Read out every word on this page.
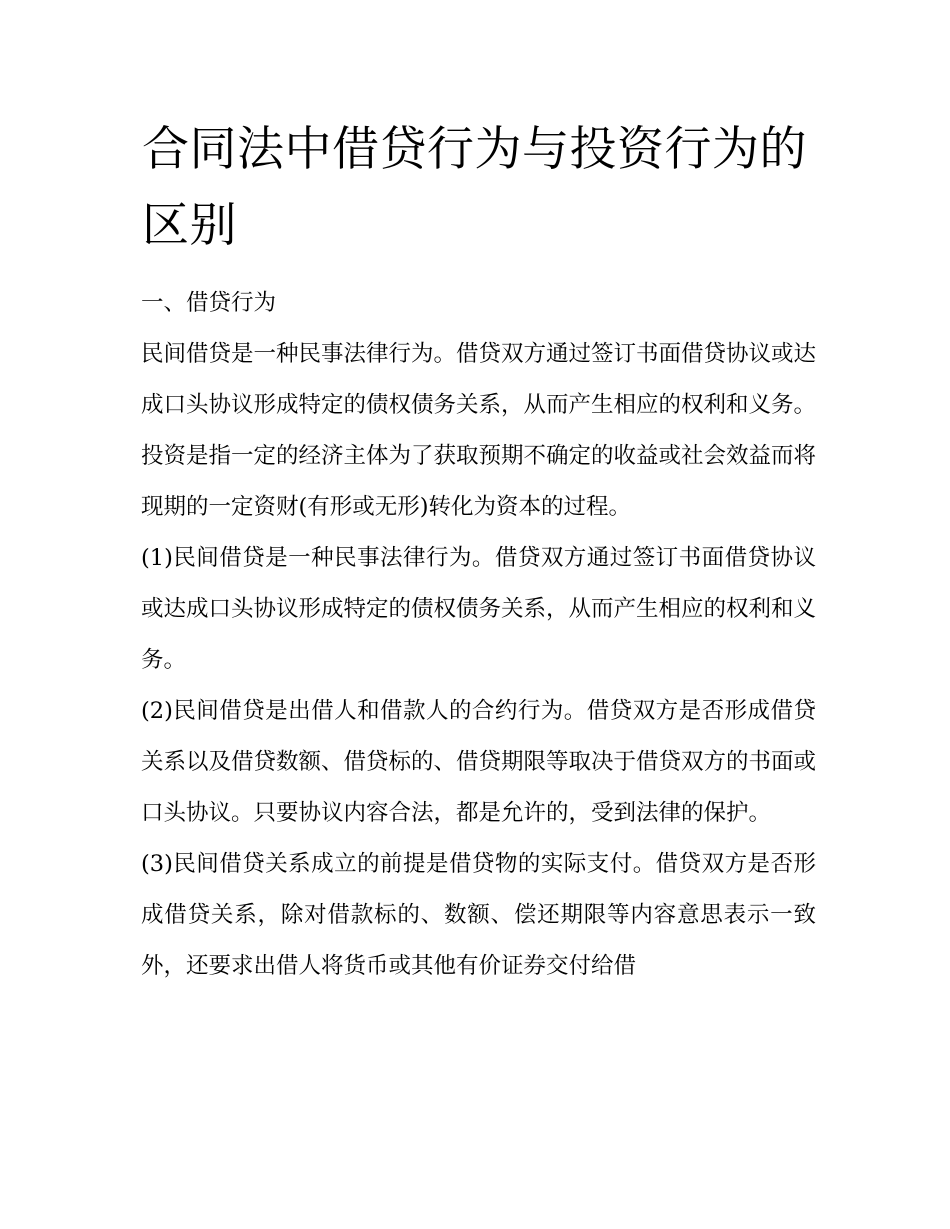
合同法中借贷行为与投资行为的区别

一、借贷行为

民间借贷是一种民事法律行为。借贷双方通过签订书面借贷协议或达成口头协议形成特定的债权债务关系，从而产生相应的权利和义务。投资是指一定的经济主体为了获取预期不确定的收益或社会效益而将现期的一定资财(有形或无形)转化为资本的过程。

(1)民间借贷是一种民事法律行为。借贷双方通过签订书面借贷协议或达成口头协议形成特定的债权债务关系，从而产生相应的权利和义务。

(2)民间借贷是出借人和借款人的合约行为。借贷双方是否形成借贷关系以及借贷数额、借贷标的、借贷期限等取决于借贷双方的书面或口头协议。只要协议内容合法，都是允许的，受到法律的保护。

(3)民间借贷关系成立的前提是借贷物的实际支付。借贷双方是否形成借贷关系，除对借款标的、数额、偿还期限等内容意思表示一致外，还要求出借人将货币或其他有价证券交付给借
